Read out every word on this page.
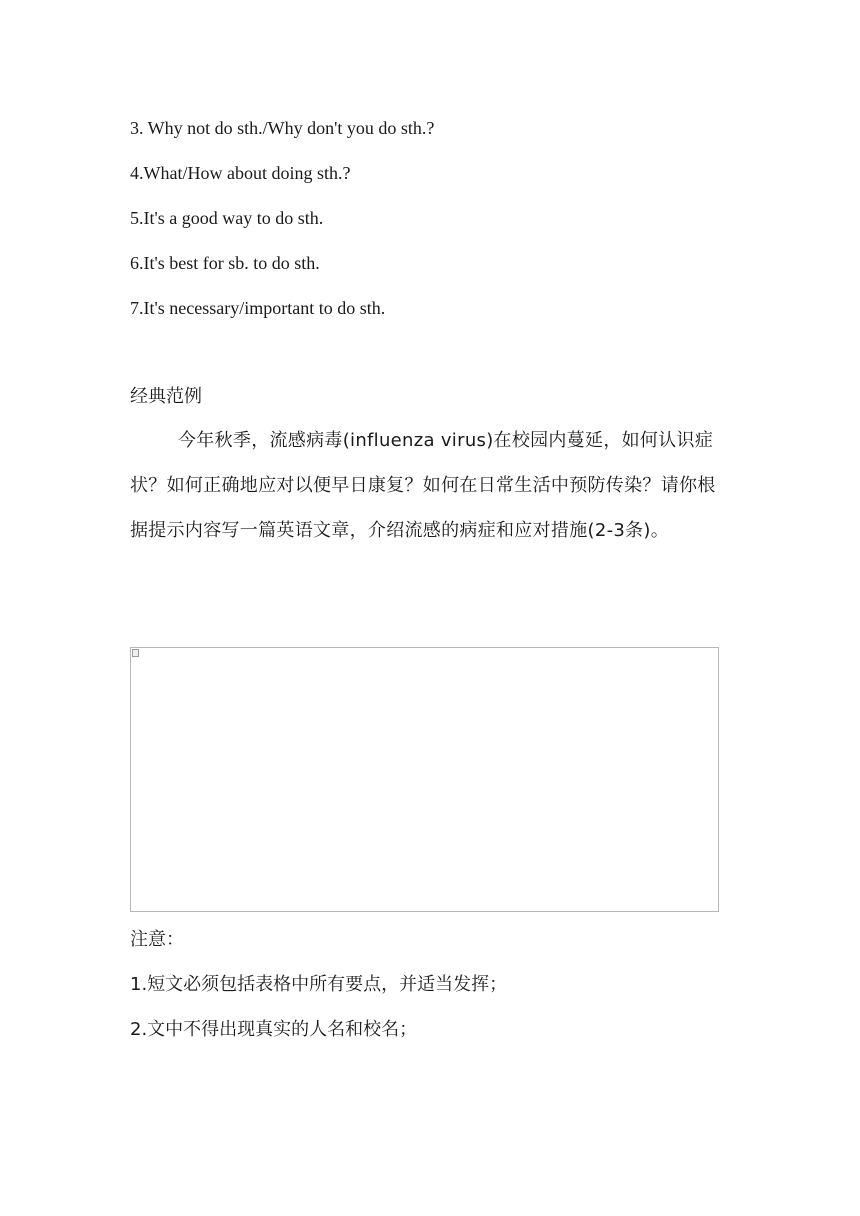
3. Why not do sth./Why don't you do sth.?
4.What/How about doing sth.?
5.It's a good way to do sth.
6.It's best for sb. to do sth.
7.It's necessary/important to do sth.
经典范例
今年秋季，流感病毒(influenza virus)在校园内蔓延，如何认识症状？如何正确地应对以便早日康复？如何在日常生活中预防传染？请你根据提示内容写一篇英语文章，介绍流感的病症和应对措施(2-3条)。
注意：
1.短文必须包括表格中所有要点，并适当发挥；
2.文中不得出现真实的人名和校名；
